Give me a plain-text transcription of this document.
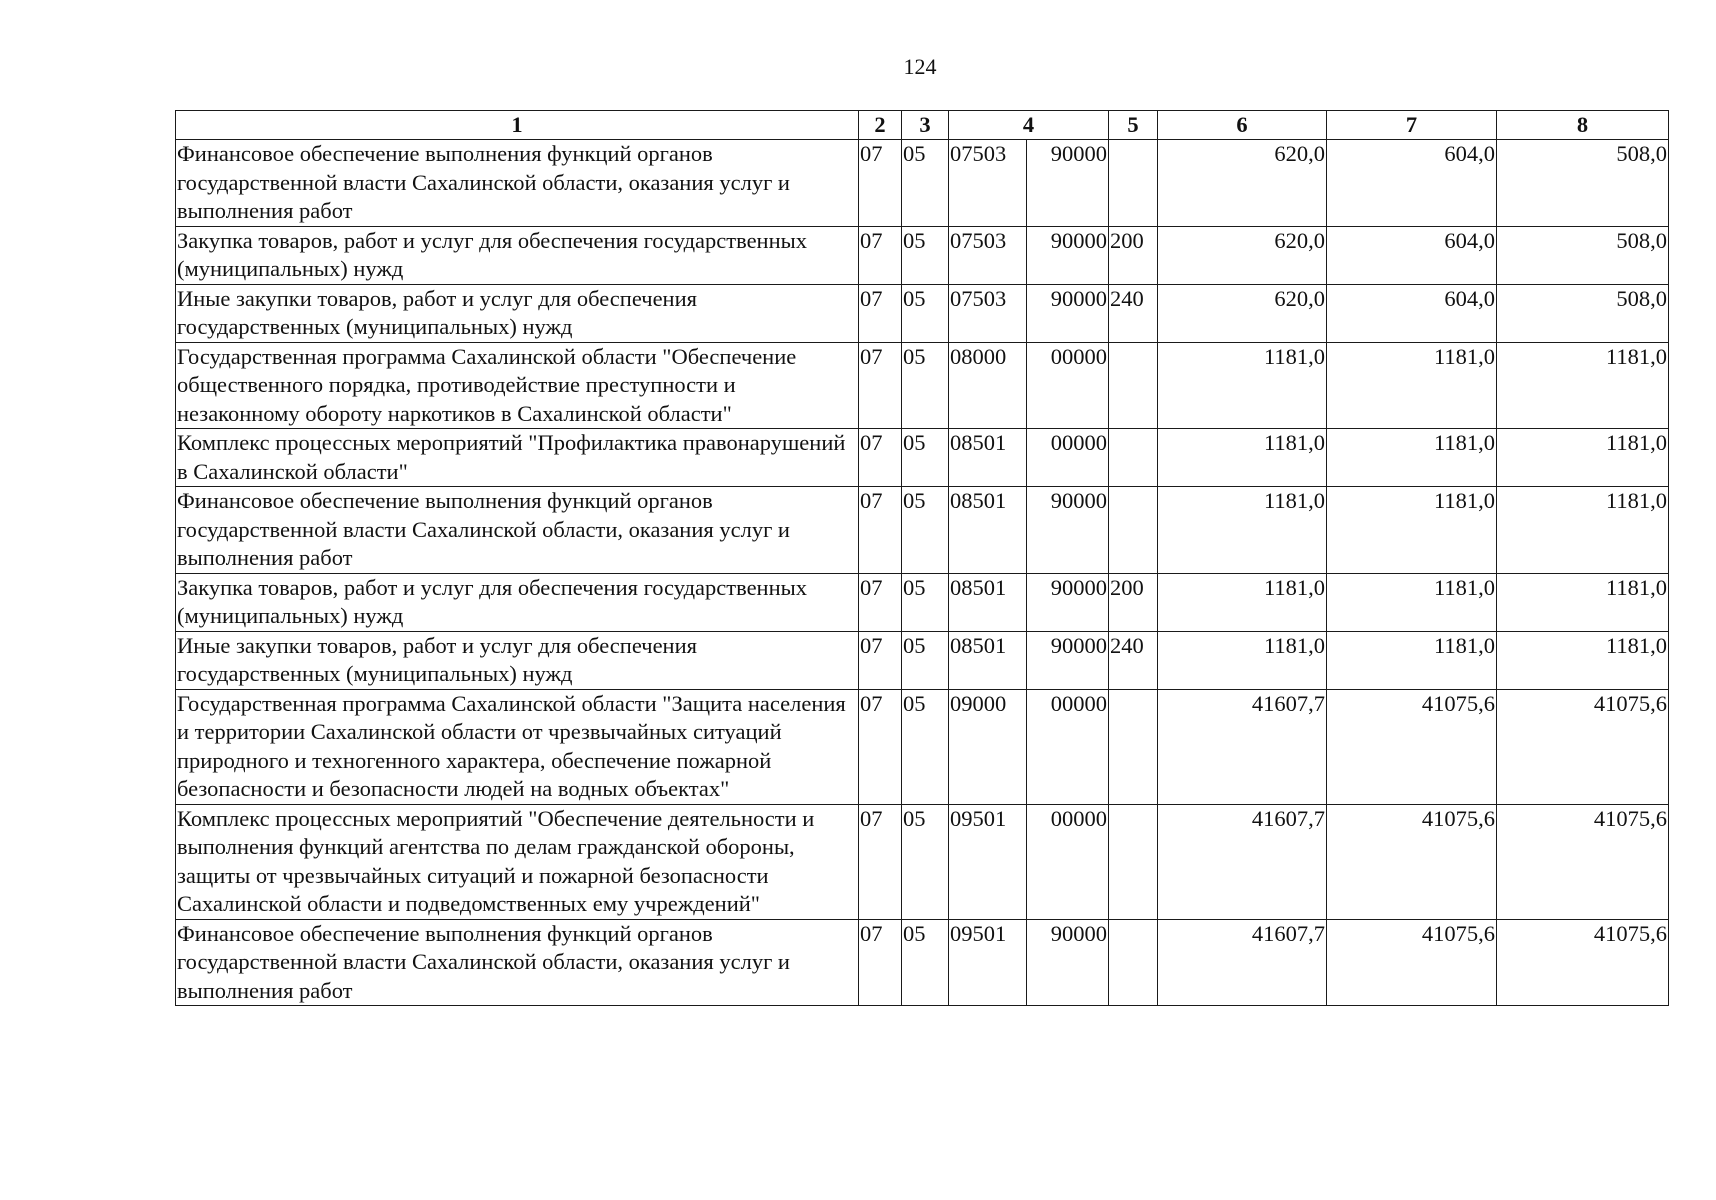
124
1	2	3	4		5	6	7	8
Финансовое обеспечение выполнения функций органов государственной власти Сахалинской области, оказания услуг и выполнения работ	07	05	07503	90000		620,0	604,0	508,0
Закупка товаров, работ и услуг для обеспечения государственных (муниципальных) нужд	07	05	07503	90000	200	620,0	604,0	508,0
Иные закупки товаров, работ и услуг для обеспечения государственных (муниципальных) нужд	07	05	07503	90000	240	620,0	604,0	508,0
Государственная программа Сахалинской области "Обеспечение общественного порядка, противодействие преступности и незаконному обороту наркотиков в Сахалинской области"	07	05	08000	00000		1181,0	1181,0	1181,0
Комплекс процессных мероприятий "Профилактика правонарушений в Сахалинской области"	07	05	08501	00000		1181,0	1181,0	1181,0
Финансовое обеспечение выполнения функций органов государственной власти Сахалинской области, оказания услуг и выполнения работ	07	05	08501	90000		1181,0	1181,0	1181,0
Закупка товаров, работ и услуг для обеспечения государственных (муниципальных) нужд	07	05	08501	90000	200	1181,0	1181,0	1181,0
Иные закупки товаров, работ и услуг для обеспечения государственных (муниципальных) нужд	07	05	08501	90000	240	1181,0	1181,0	1181,0
Государственная программа Сахалинской области "Защита населения и территории Сахалинской области от чрезвычайных ситуаций природного и техногенного характера, обеспечение пожарной безопасности и безопасности людей на водных объектах"	07	05	09000	00000		41607,7	41075,6	41075,6
Комплекс процессных мероприятий "Обеспечение деятельности и выполнения функций агентства по делам гражданской обороны, защиты от чрезвычайных ситуаций и пожарной безопасности Сахалинской области и подведомственных ему учреждений"	07	05	09501	00000		41607,7	41075,6	41075,6
Финансовое обеспечение выполнения функций органов государственной власти Сахалинской области, оказания услуг и выполнения работ	07	05	09501	90000		41607,7	41075,6	41075,6
